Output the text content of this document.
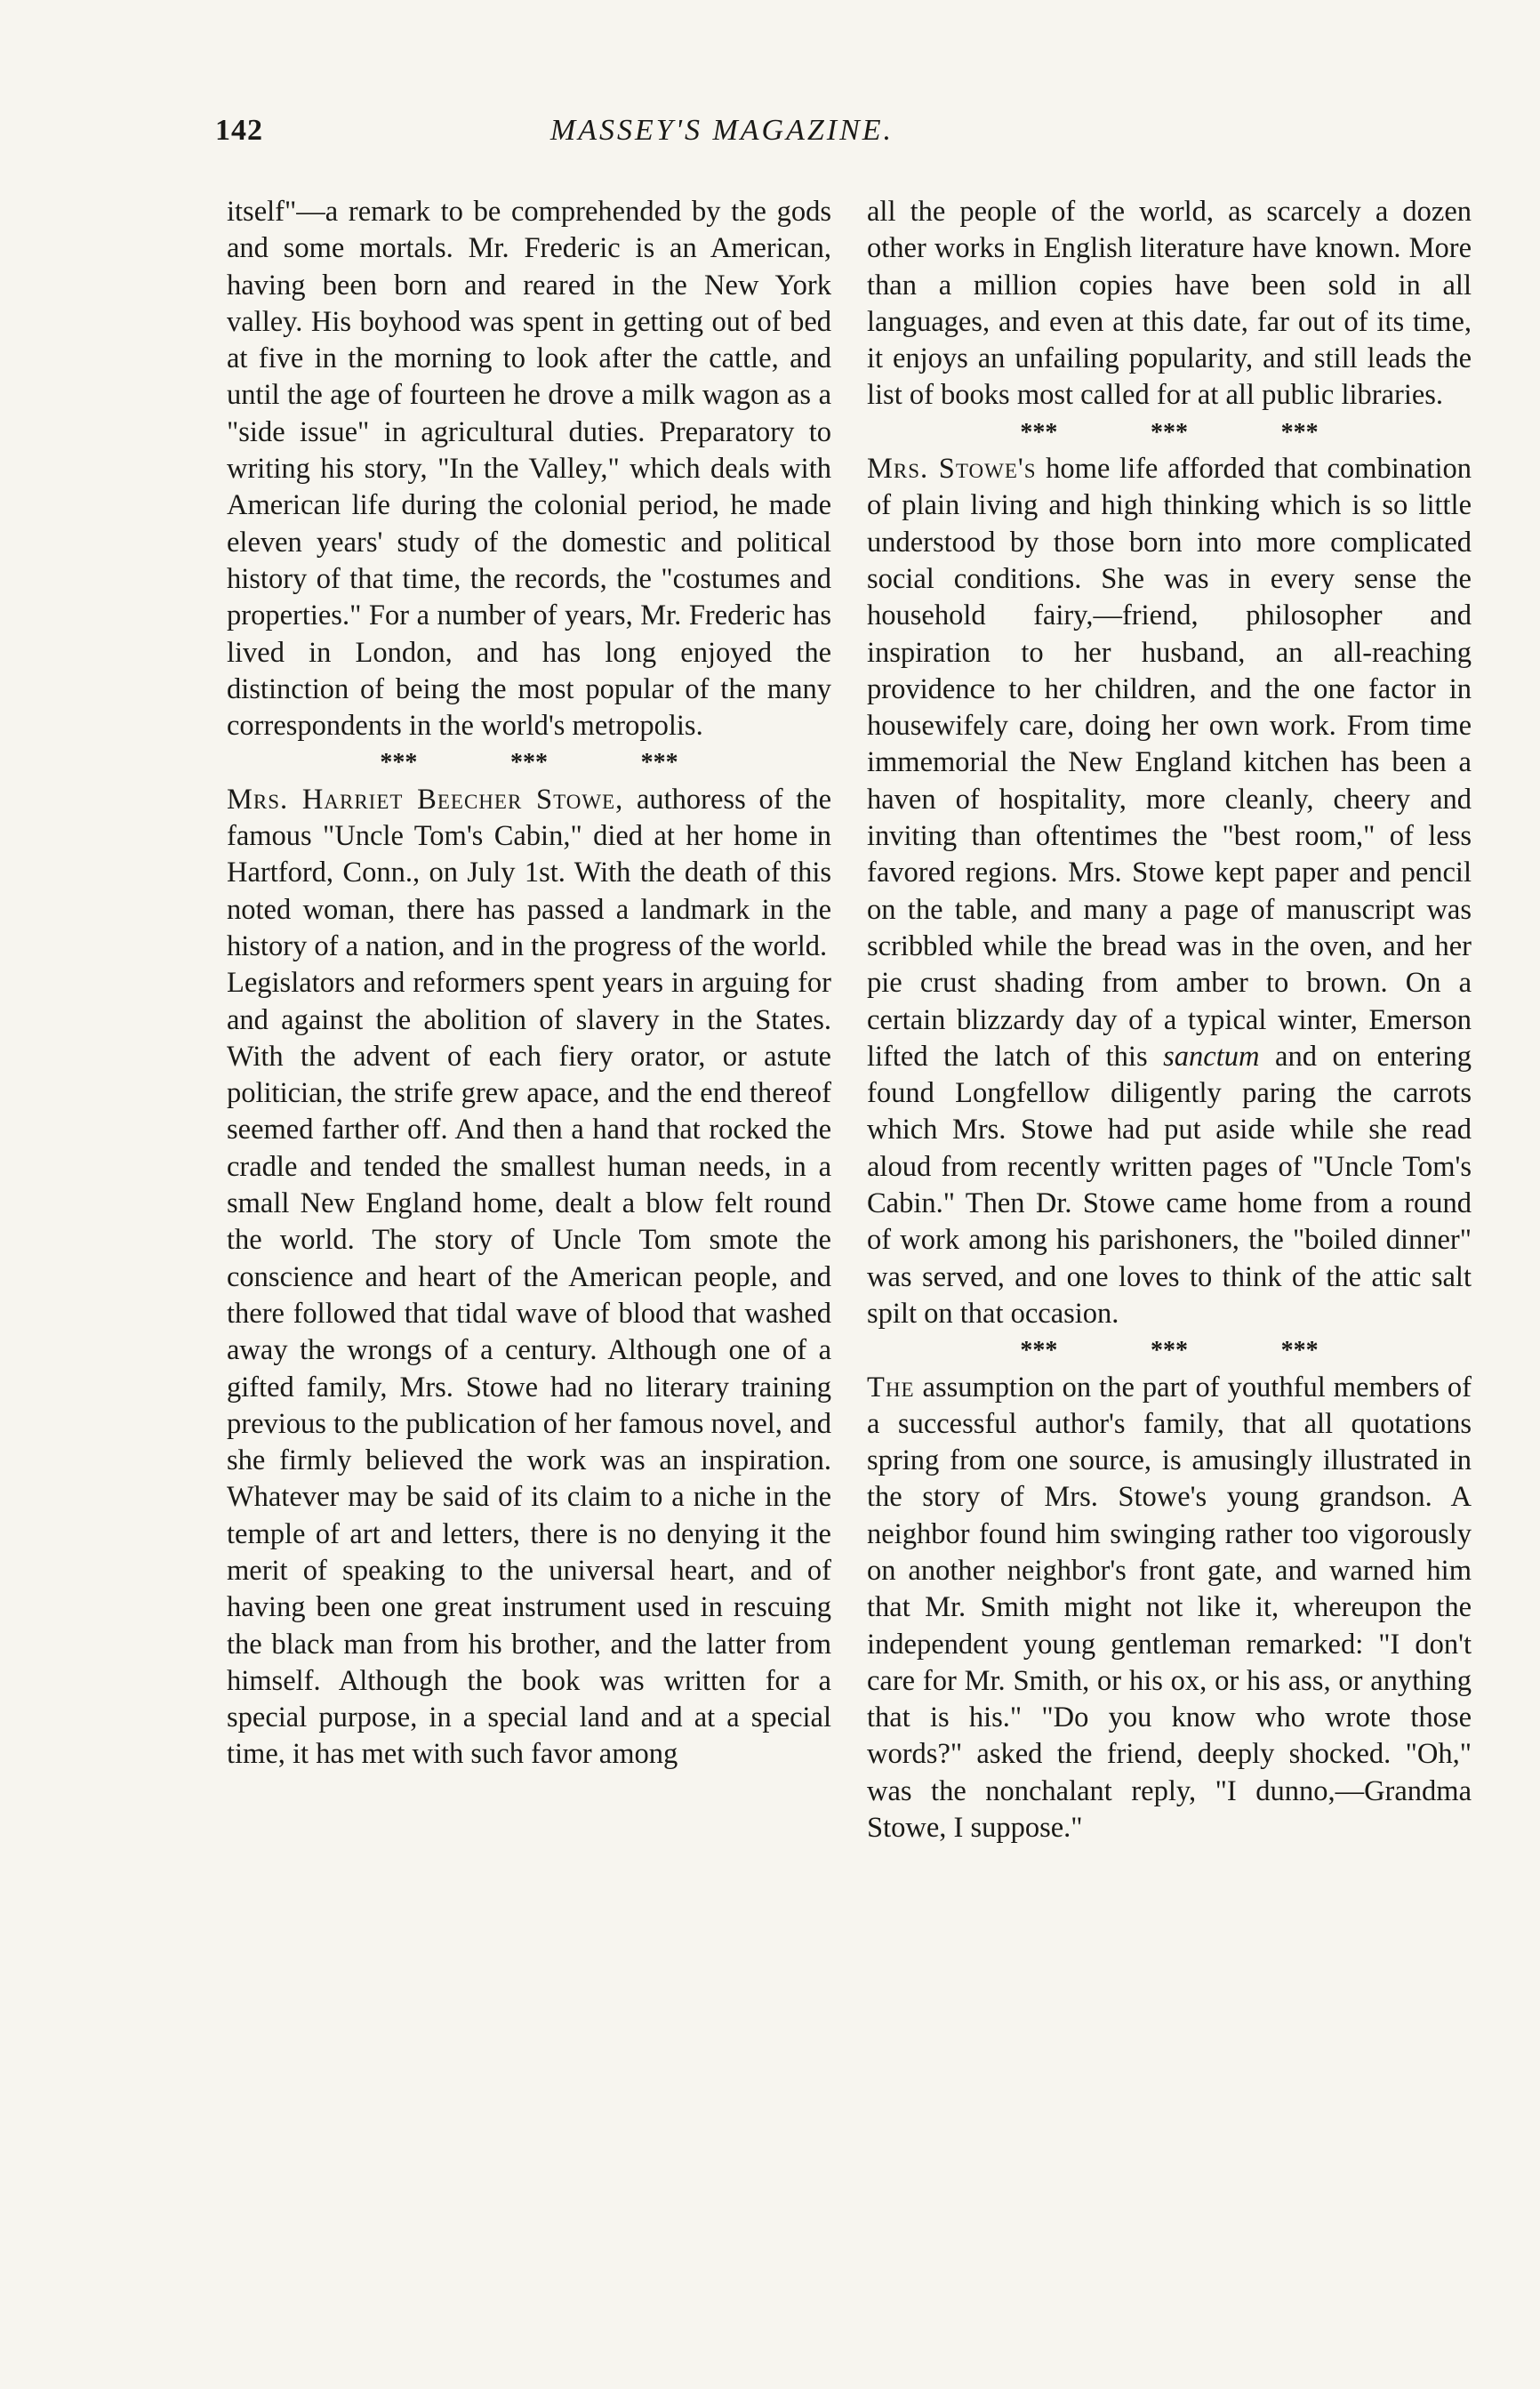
142	MASSEY'S MAGAZINE.

itself"—a remark to be comprehended by the gods and some mortals. Mr. Frederic is an American, having been born and reared in the New York valley. His boyhood was spent in getting out of bed at five in the morning to look after the cattle, and until the age of fourteen he drove a milk wagon as a "side issue" in agricultural duties. Preparatory to writing his story, "In the Valley," which deals with American life during the colonial period, he made eleven years' study of the domestic and political history of that time, the records, the "costumes and properties." For a number of years, Mr. Frederic has lived in London, and has long enjoyed the distinction of being the most popular of the many correspondents in the world's metropolis.

***	***	***

Mrs. Harriet Beecher Stowe, authoress of the famous "Uncle Tom's Cabin," died at her home in Hartford, Conn., on July 1st. With the death of this noted woman, there has passed a landmark in the history of a nation, and in the progress of the world.

Legislators and reformers spent years in arguing for and against the abolition of slavery in the States. With the advent of each fiery orator, or astute politician, the strife grew apace, and the end thereof seemed farther off. And then a hand that rocked the cradle and tended the smallest human needs, in a small New England home, dealt a blow felt round the world. The story of Uncle Tom smote the conscience and heart of the American people, and there followed that tidal wave of blood that washed away the wrongs of a century. Although one of a gifted family, Mrs. Stowe had no literary training previous to the publication of her famous novel, and she firmly believed the work was an inspiration. Whatever may be said of its claim to a niche in the temple of art and letters, there is no denying it the merit of speaking to the universal heart, and of having been one great instrument used in rescuing the black man from his brother, and the latter from himself. Although the book was written for a special purpose, in a special land and at a special time, it has met with such favor among

all the people of the world, as scarcely a dozen other works in English literature have known. More than a million copies have been sold in all languages, and even at this date, far out of its time, it enjoys an unfailing popularity, and still leads the list of books most called for at all public libraries.

***	***	***

Mrs. Stowe's home life afforded that combination of plain living and high thinking which is so little understood by those born into more complicated social conditions. She was in every sense the household fairy,—friend, philosopher and inspiration to her husband, an all-reaching providence to her children, and the one factor in housewifely care, doing her own work. From time immemorial the New England kitchen has been a haven of hospitality, more cleanly, cheery and inviting than oftentimes the "best room," of less favored regions. Mrs. Stowe kept paper and pencil on the table, and many a page of manuscript was scribbled while the bread was in the oven, and her pie crust shading from amber to brown. On a certain blizzardy day of a typical winter, Emerson lifted the latch of this sanctum and on entering found Longfellow diligently paring the carrots which Mrs. Stowe had put aside while she read aloud from recently written pages of "Uncle Tom's Cabin." Then Dr. Stowe came home from a round of work among his parishoners, the "boiled dinner" was served, and one loves to think of the attic salt spilt on that occasion.

***	***	***

The assumption on the part of youthful members of a successful author's family, that all quotations spring from one source, is amusingly illustrated in the story of Mrs. Stowe's young grandson. A neighbor found him swinging rather too vigorously on another neighbor's front gate, and warned him that Mr. Smith might not like it, whereupon the independent young gentleman remarked: "I don't care for Mr. Smith, or his ox, or his ass, or anything that is his." "Do you know who wrote those words?" asked the friend, deeply shocked. "Oh," was the nonchalant reply, "I dunno,—Grandma Stowe, I suppose."
